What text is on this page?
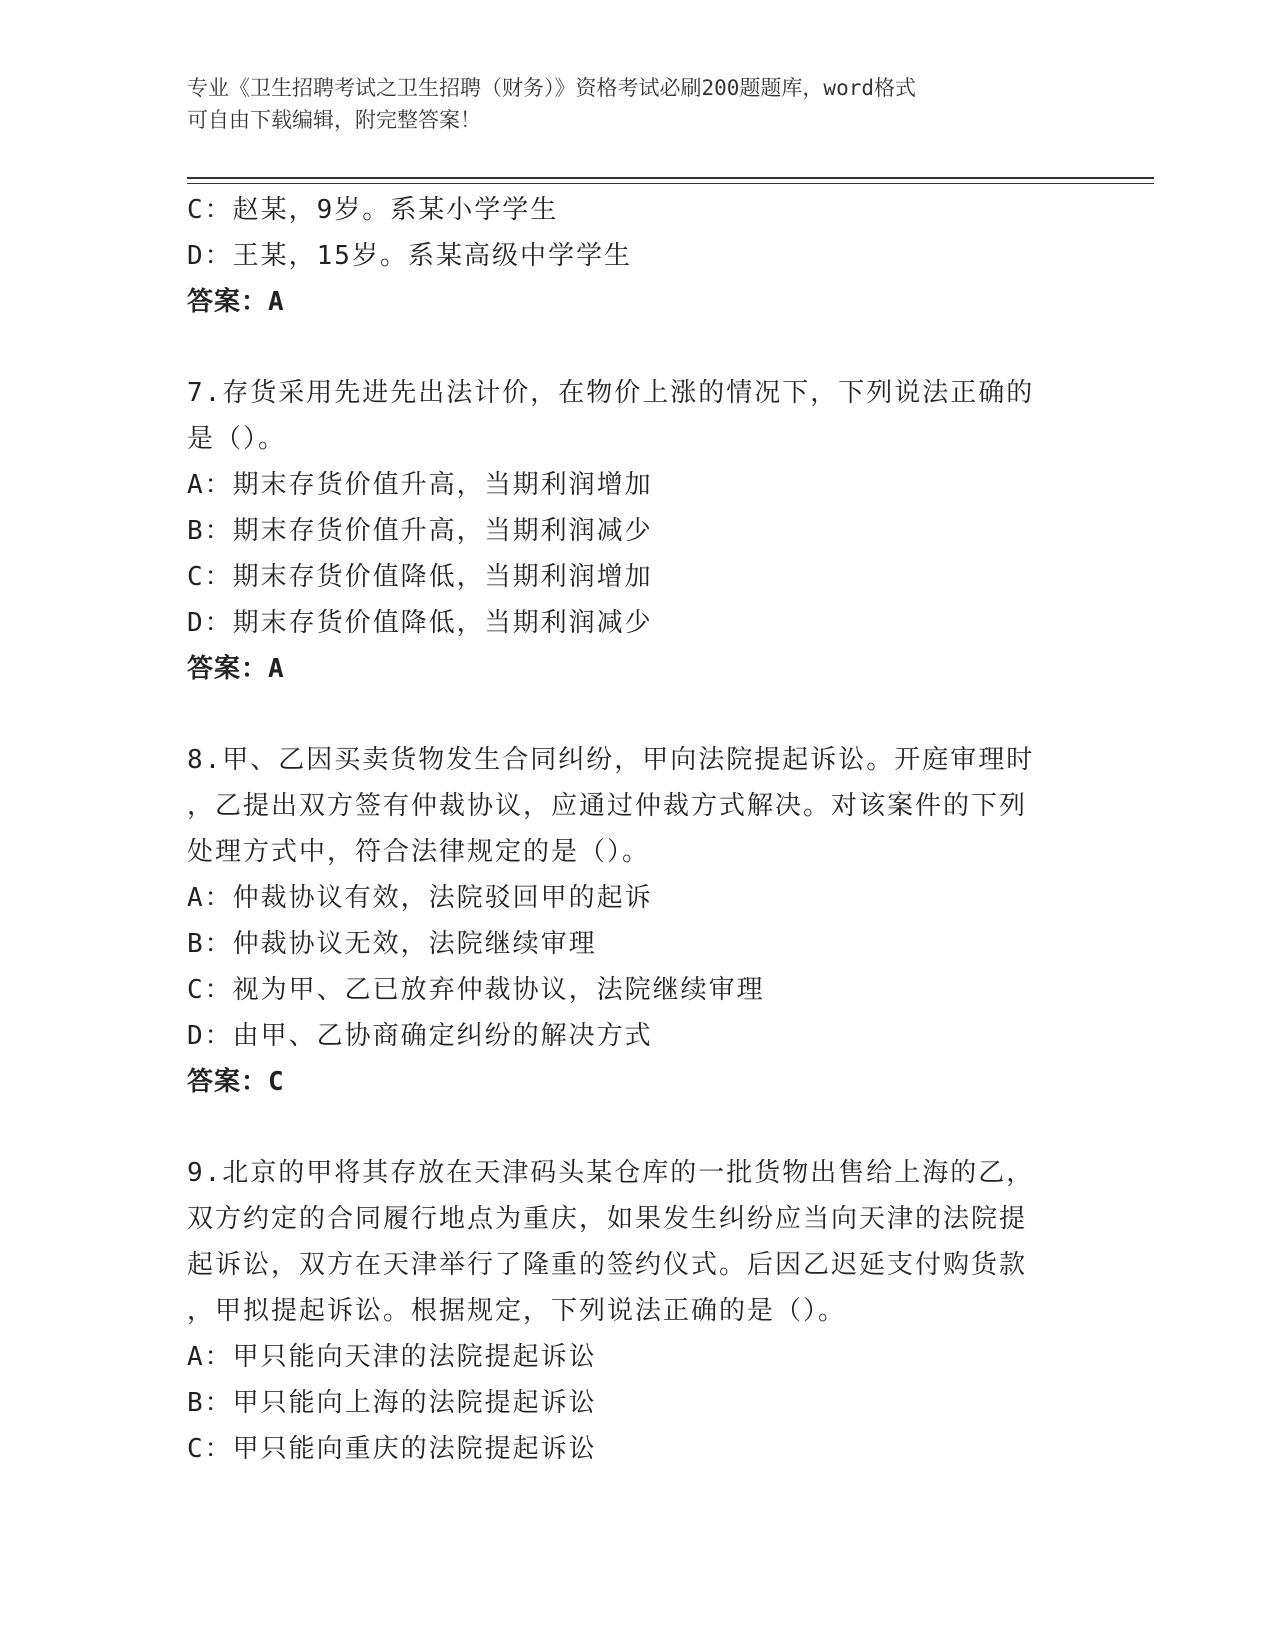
专业《卫生招聘考试之卫生招聘（财务）》资格考试必刷200题题库，word格式
可自由下载编辑，附完整答案！
C：赵某，9岁。系某小学学生
D：王某，15岁。系某高级中学学生
答案：A
7.存货采用先进先出法计价，在物价上涨的情况下，下列说法正确的
是（）。
A：期末存货价值升高，当期利润增加
B：期末存货价值升高，当期利润减少
C：期末存货价值降低，当期利润增加
D：期末存货价值降低，当期利润减少
答案：A
8.甲、乙因买卖货物发生合同纠纷，甲向法院提起诉讼。开庭审理时
，乙提出双方签有仲裁协议，应通过仲裁方式解决。对该案件的下列
处理方式中，符合法律规定的是（）。
A：仲裁协议有效，法院驳回甲的起诉
B：仲裁协议无效，法院继续审理
C：视为甲、乙已放弃仲裁协议，法院继续审理
D：由甲、乙协商确定纠纷的解决方式
答案：C
9.北京的甲将其存放在天津码头某仓库的一批货物出售给上海的乙，
双方约定的合同履行地点为重庆，如果发生纠纷应当向天津的法院提
起诉讼，双方在天津举行了隆重的签约仪式。后因乙迟延支付购货款
，甲拟提起诉讼。根据规定，下列说法正确的是（）。
A：甲只能向天津的法院提起诉讼
B：甲只能向上海的法院提起诉讼
C：甲只能向重庆的法院提起诉讼
